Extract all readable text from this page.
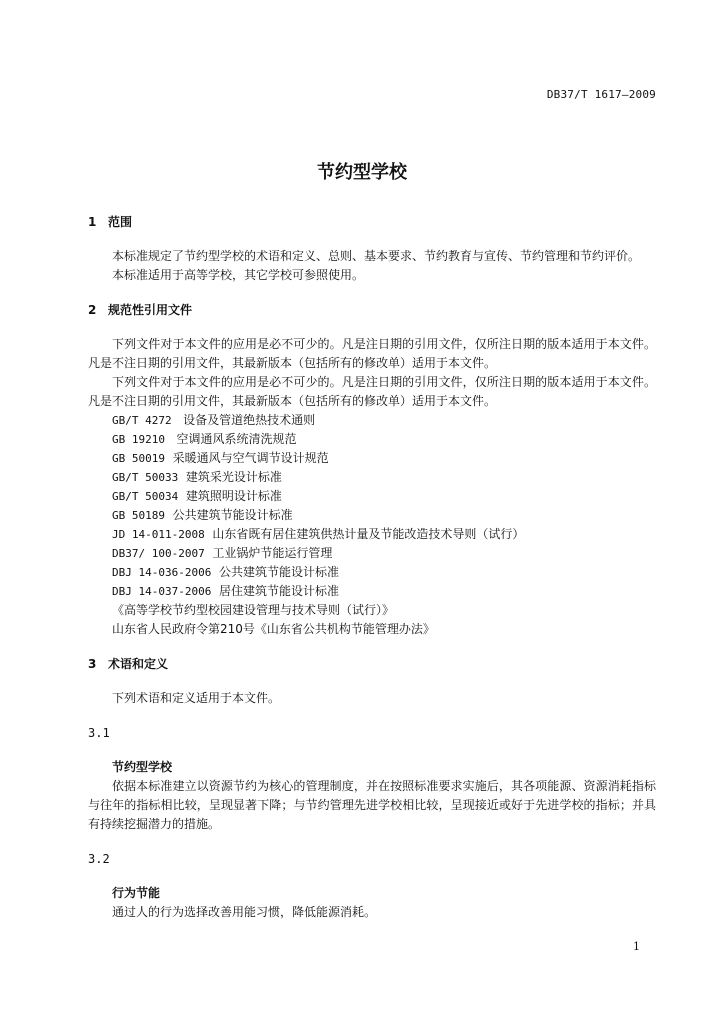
DB37/T 1617—2009
节约型学校
1 范围
本标准规定了节约型学校的术语和定义、总则、基本要求、节约教育与宣传、节约管理和节约评价。
本标准适用于高等学校，其它学校可参照使用。
2 规范性引用文件
下列文件对于本文件的应用是必不可少的。凡是注日期的引用文件，仅所注日期的版本适用于本文件。凡是不注日期的引用文件，其最新版本（包括所有的修改单）适用于本文件。
下列文件对于本文件的应用是必不可少的。凡是注日期的引用文件，仅所注日期的版本适用于本文件。凡是不注日期的引用文件，其最新版本（包括所有的修改单）适用于本文件。
GB/T 4272 设备及管道绝热技术通则
GB 19210 空调通风系统清洗规范
GB 50019 采暖通风与空气调节设计规范
GB/T 50033 建筑采光设计标准
GB/T 50034 建筑照明设计标准
GB 50189 公共建筑节能设计标准
JD 14-011-2008 山东省既有居住建筑供热计量及节能改造技术导则（试行）
DB37/ 100-2007 工业锅炉节能运行管理
DBJ 14-036-2006 公共建筑节能设计标准
DBJ 14-037-2006 居住建筑节能设计标准
《高等学校节约型校园建设管理与技术导则（试行）》
山东省人民政府令第210号《山东省公共机构节能管理办法》
3 术语和定义
下列术语和定义适用于本文件。
3.1
节约型学校
依据本标准建立以资源节约为核心的管理制度，并在按照标准要求实施后，其各项能源、资源消耗指标与往年的指标相比较，呈现显著下降；与节约管理先进学校相比较，呈现接近或好于先进学校的指标；并具有持续挖掘潜力的措施。
3.2
行为节能
通过人的行为选择改善用能习惯，降低能源消耗。
1
